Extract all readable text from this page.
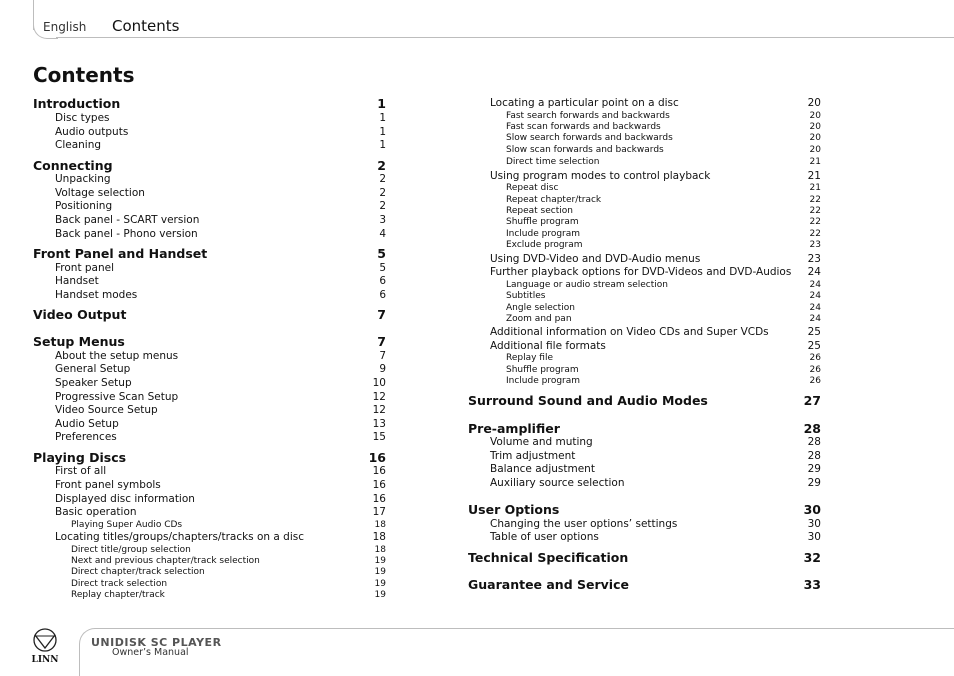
English Contents
Contents
Introduction	1
Disc types	1
Audio outputs	1
Cleaning	1
Connecting	2
Unpacking	2
Voltage selection	2
Positioning	2
Back panel - SCART version	3
Back panel - Phono version	4
Front Panel and Handset	5
Front panel	5
Handset	6
Handset modes	6
Video Output	7
Setup Menus	7
About the setup menus	7
General Setup	9
Speaker Setup	10
Progressive Scan Setup	12
Video Source Setup	12
Audio Setup	13
Preferences	15
Playing Discs	16
First of all	16
Front panel symbols	16
Displayed disc information	16
Basic operation	17
Playing Super Audio CDs	18
Locating titles/groups/chapters/tracks on a disc	18
Direct title/group selection	18
Next and previous chapter/track selection	19
Direct chapter/track selection	19
Direct track selection	19
Replay chapter/track	19
Locating a particular point on a disc	20
Fast search forwards and backwards	20
Fast scan forwards and backwards	20
Slow search forwards and backwards	20
Slow scan forwards and backwards	20
Direct time selection	21
Using program modes to control playback	21
Repeat disc	21
Repeat chapter/track	22
Repeat section	22
Shuffle program	22
Include program	22
Exclude program	23
Using DVD-Video and DVD-Audio menus	23
Further playback options for DVD-Videos and DVD-Audios 24
Language or audio stream selection	24
Subtitles	24
Angle selection	24
Zoom and pan	24
Additional information on Video CDs and Super VCDs	25
Additional file formats	25
Replay file	26
Shuffle program	26
Include program	26
Surround Sound and Audio Modes	27
Pre-amplifier	28
Volume and muting	28
Trim adjustment	28
Balance adjustment	29
Auxiliary source selection	29
User Options	30
Changing the user options’ settings	30
Table of user options	30
Technical Specification	32
Guarantee and Service	33
LINN
UNIDISK SC PLAYER
Owner’s Manual
